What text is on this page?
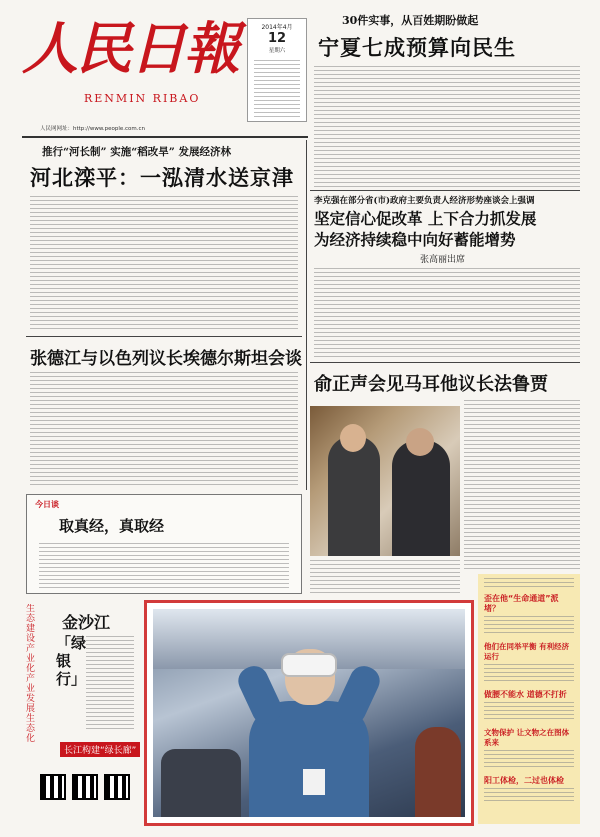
人民日報
RENMIN RIBAO
人民网网址：http://www.people.com.cn
2014年4月
12
星期六
30件实事，从百姓期盼做起
宁夏七成预算向民生
推行“河长制” 实施“稻改旱” 发展经济林
河北滦平：一泓清水送京津
张德江与以色列议长埃德尔斯坦会谈
今日谈
取真经，真取经
李克强在部分省(市)政府主要负责人经济形势座谈会上强调
坚定信心促改革 上下合力抓发展
为经济持续稳中向好蓄能增势
张高丽出席
俞正声会见马耳他议长法鲁贾
歪在他“生命通道”派堵？
他们在同举平衡 有利经济运行
做腰不能水 道德不打折
文物保护 让文物之在图体系来
阳工体检，二过也体检
生态建设产业化 产业发展生态化
金沙江
「绿银行」
长江构建“绿长廊”
